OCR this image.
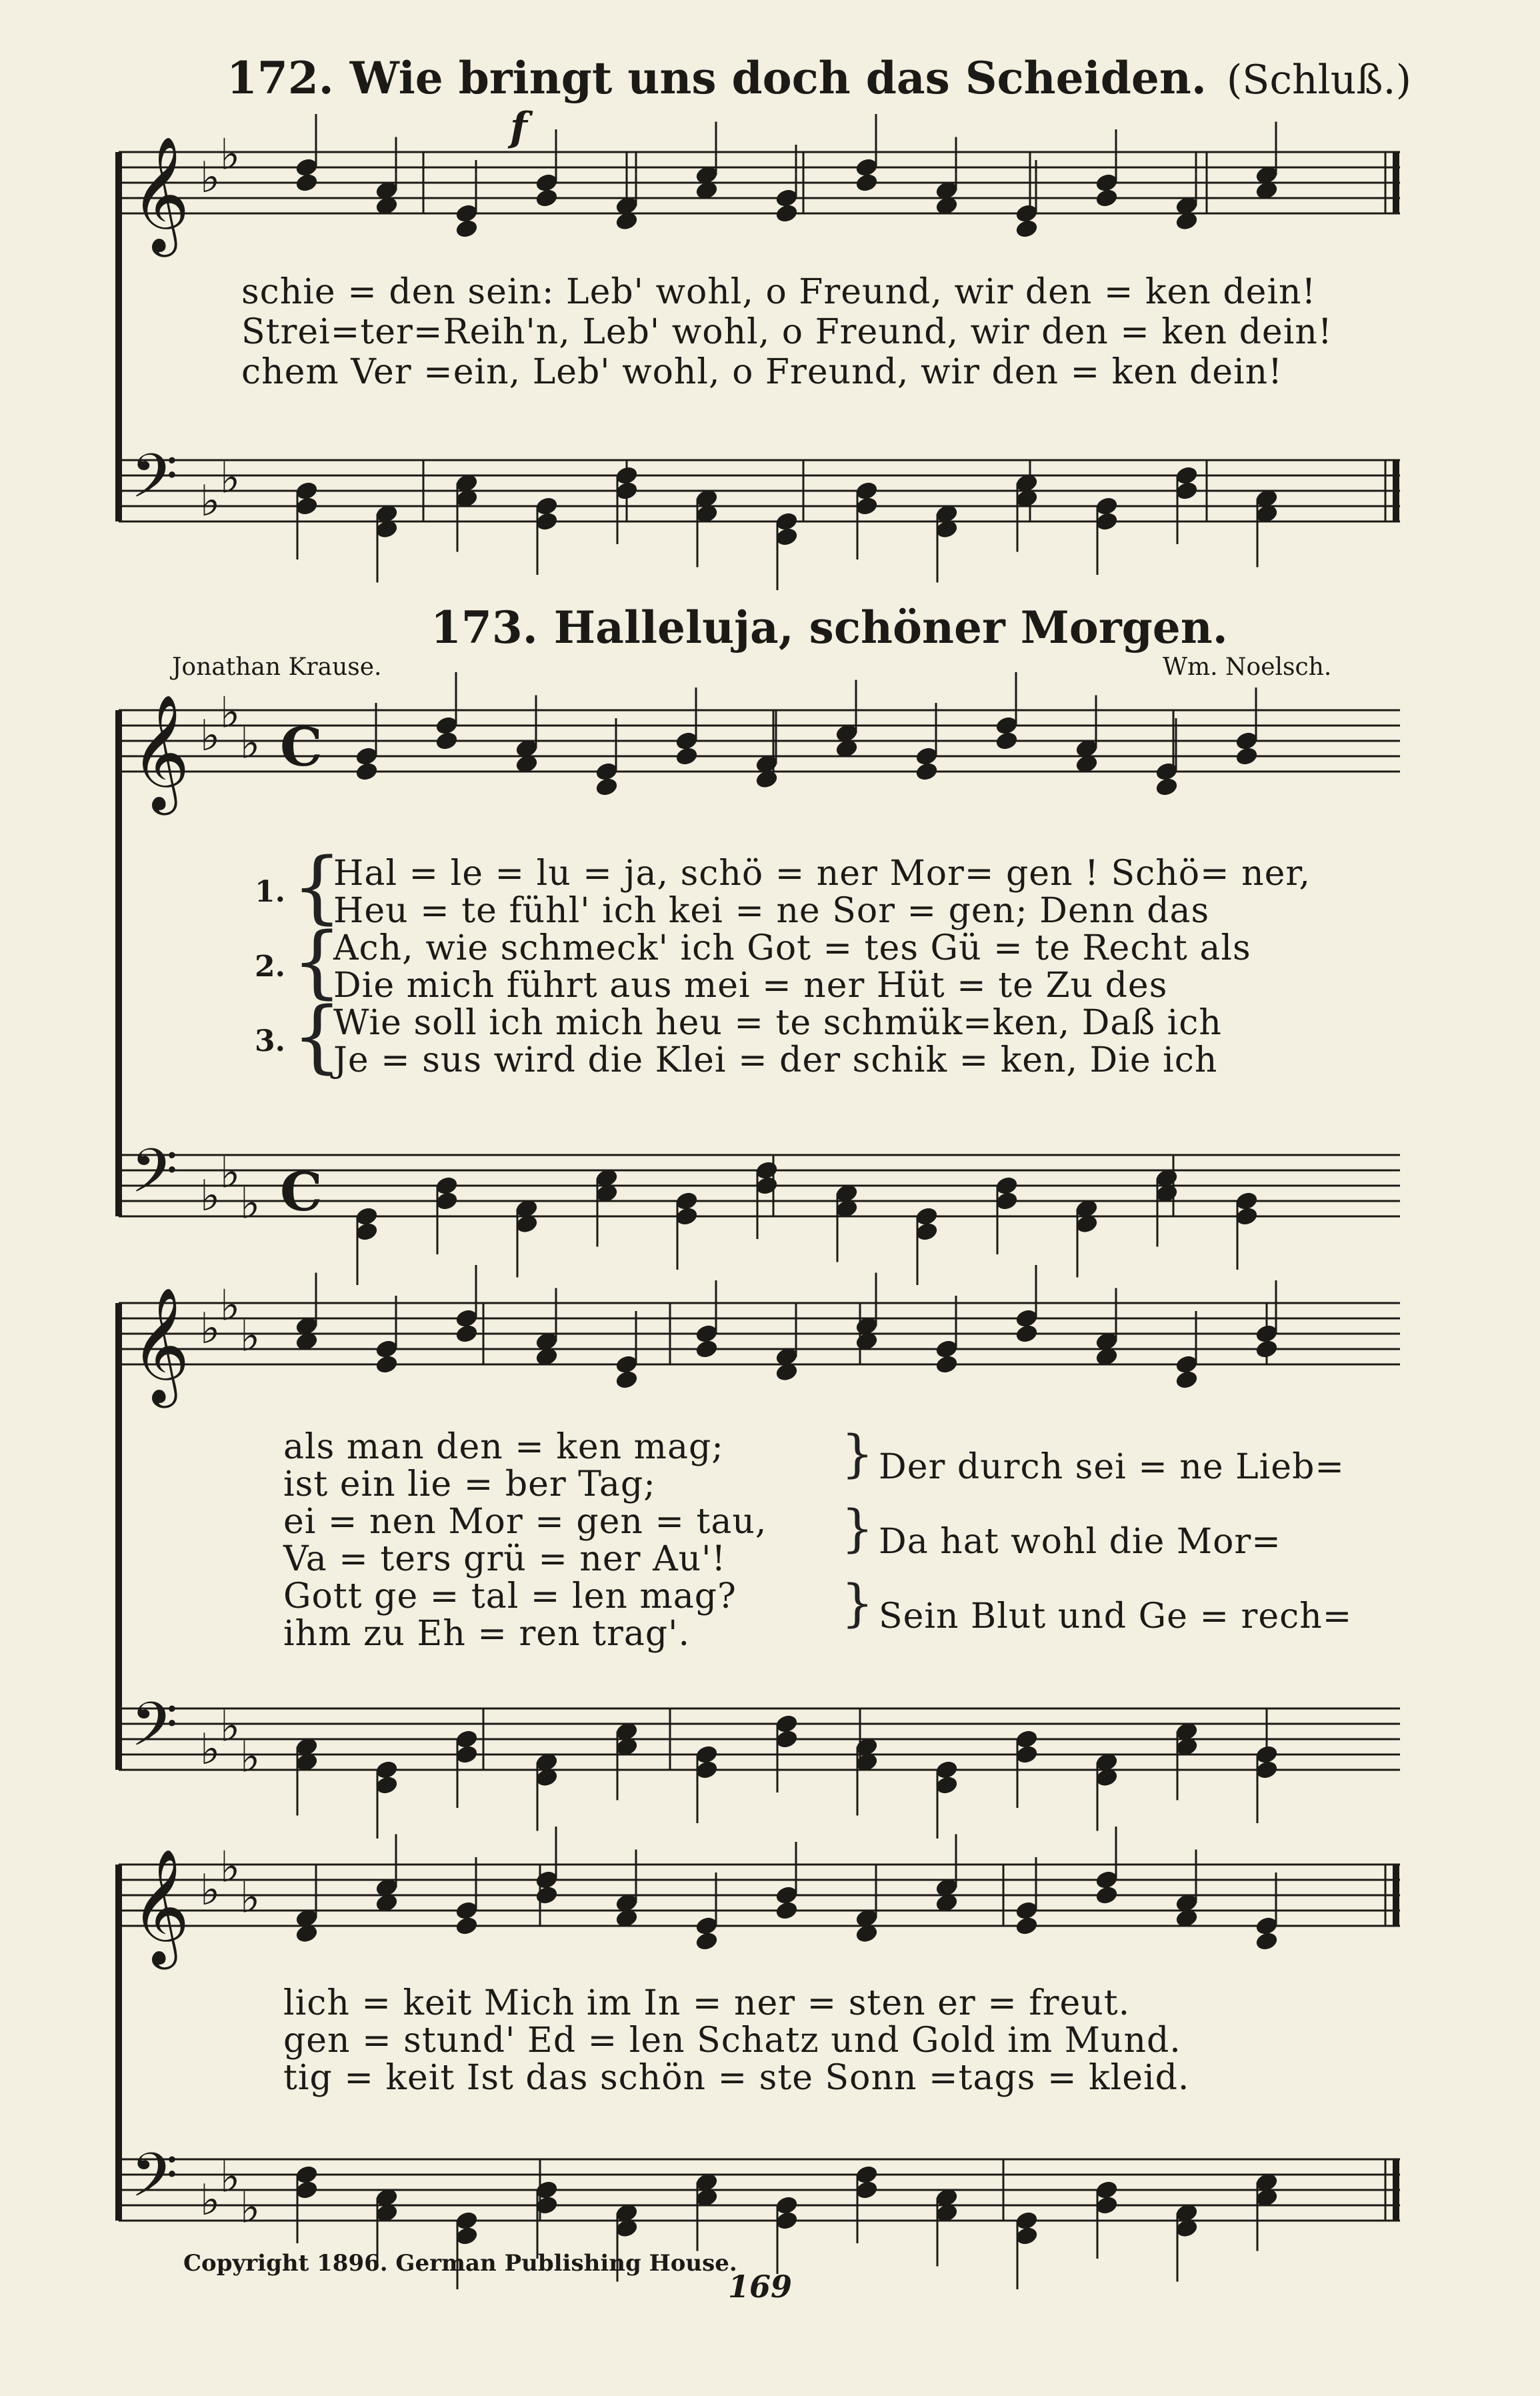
172. Wie bringt uns doch das Scheiden. (Schluß.)
f
schie = den sein: Leb' wohl, o Freund, wir den = ken dein!
Strei=ter=Reih'n, Leb' wohl, o Freund, wir den = ken dein!
chem Ver =ein, Leb' wohl, o Freund, wir den = ken dein!
173. Halleluja, schöner Morgen.
Jonathan Krause.	Wm. Noelsch.
{
{
{
1.
2.
3.
Hal = le = lu = ja, schö = ner Mor= gen ! Schö= ner,
Heu = te fühl' ich kei = ne Sor = gen; Denn das
Ach, wie schmeck' ich Got = tes Gü = te Recht als
Die mich führt aus mei = ner Hüt = te Zu des
Wie soll ich mich heu = te schmük=ken, Daß ich
Je = sus wird die Klei = der schik = ken, Die ich
als man den = ken mag;
ist ein lie = ber Tag;
ei = nen Mor = gen = tau,
Va = ters grü = ner Au'!
Gott ge = tal = len mag?
ihm zu Eh = ren trag'.
}
}
}
Der durch sei = ne Lieb=
Da hat wohl die Mor=
Sein Blut und Ge = rech=
lich = keit Mich im In = ner = sten er = freut.
gen = stund' Ed = len Schatz und Gold im Mund.
tig = keit Ist das schön = ste Sonn =tags = kleid.
Copyright 1896. German Publishing House.
169
𝄞 ♭ ♭
𝄢 ♭ ♭
𝄞 ♭ ♭
♭ C
𝄢 ♭ ♭
♭ C
𝄞 ♭ ♭
♭
𝄢 ♭ ♭
♭
𝄞 ♭ ♭
♭
𝄢 ♭ ♭
♭
